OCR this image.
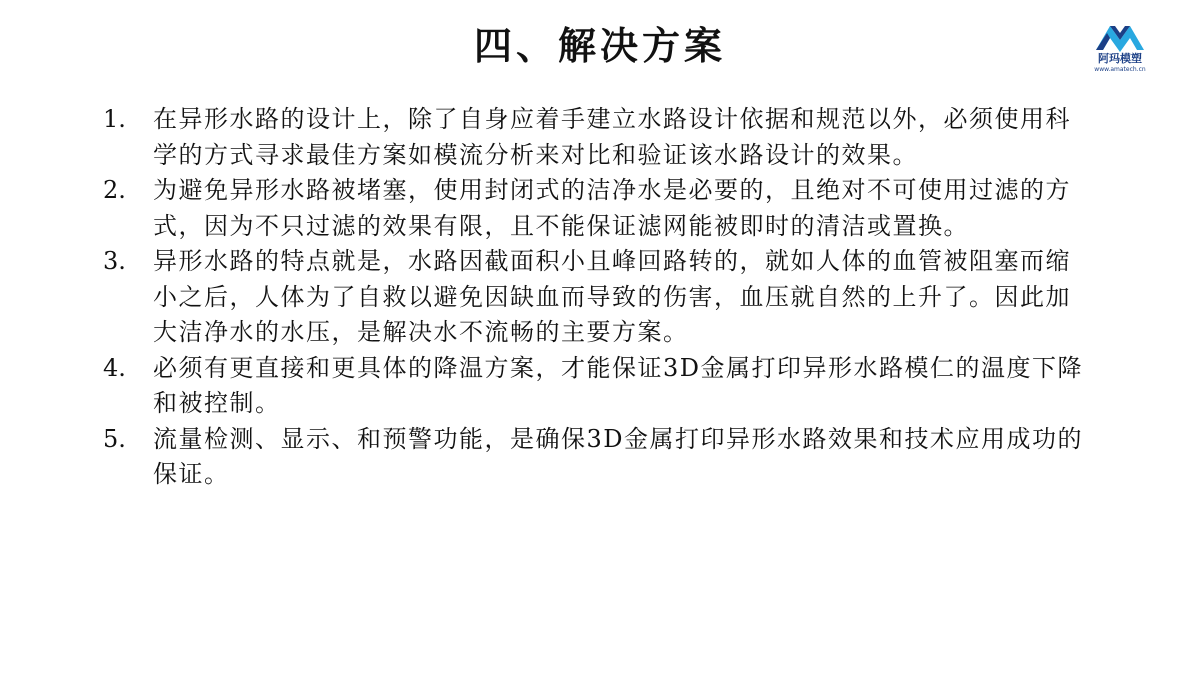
四、解决方案	阿玛模塑
www.amatech.cn
1. 在异形水路的设计上，除了自身应着手建立水路设计依据和规范以外，必须使用科学的方式寻求最佳方案如模流分析来对比和验证该水路设计的效果。
2. 为避免异形水路被堵塞，使用封闭式的洁净水是必要的，且绝对不可使用过滤的方式，因为不只过滤的效果有限，且不能保证滤网能被即时的清洁或置换。
3. 异形水路的特点就是，水路因截面积小且峰回路转的，就如人体的血管被阻塞而缩小之后，人体为了自救以避免因缺血而导致的伤害，血压就自然的上升了。因此加大洁净水的水压，是解决水不流畅的主要方案。
4. 必须有更直接和更具体的降温方案，才能保证3D金属打印异形水路模仁的温度下降和被控制。
5. 流量检测、显示、和预警功能，是确保3D金属打印异形水路效果和技术应用成功的保证。
